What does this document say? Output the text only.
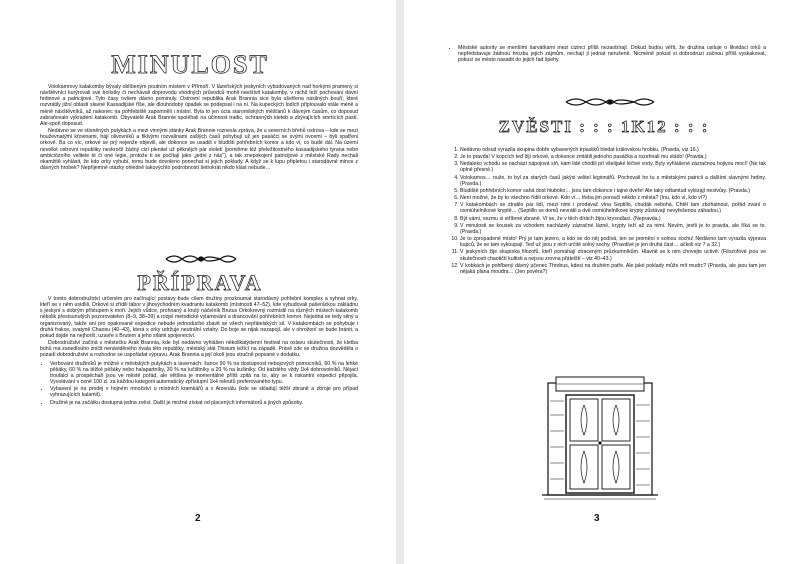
MINULOST

Volokamrovy katakomby bývaly oblíbeným poutním místem v Přímoří. V lázeňských jeskyních vybudovaných nad horkými prameny si návštěvníci kurýrovali své bolístky či nechávali doprovodu vhodných průvodců mohli navštívit katakomby, v nichž leží pochováni dávní hrdinové a patricijové. Tyto časy ovšem dávno pominuly. Ostrovní republika Arak Brannia sice byla ušetřena násilných bouří, které rozvrátily jižní oblasti slavné Kassadijské říše, ale dlouhodobý úpadek se podepsal i na ní. Na kupeckých lodích připlouvalo stále méně a méně návštěvníků, až nakonec na pohřebiště zapomněli i místní. Byla to jen úcta staromilských měšťanů k dávným časům, co doposud zabraňovalo vykradení katakomb. Obyvatelé Arak Brannie spoléhali na účinnost tradic, ochranných kleteb a zbývajících smrtících pastí. Ale-spoň doposud.

Nedávno se ve stísněných putykách a mezi vinnými stánky Arak Brannie roznesla zpráva, že u severních břehů ostrova – kde se mezi houževnatými křovinami, háji olivovníků a fiklvými rozvalinami zašlých časů pohybují už jen pasáčci se svými ovcemi – byli spatřeni orkové. Ba co víc, orkové se prý nejenže objevili, ale dokonce se usadili v bludišti pohřebních komor a kdo ví, co budé dál. Na území nevelké ostrovní republiky nevkročil žádný cizí plenitel už pěknějch pár století (pomiňme též přeležitostného kassadijského tyrana nebo ambiciózního velitele té či oné legie, protože ti se počítají jako „jedni z nás"), a tak znepokojení patricijové z městské Rady nechali okamžitě vyhlásit, že kdo orky vyhubí, tomu bude dovoleno ponechat si jejich poklady. A když se k lupu připletou i starodávné mince z dávných hrobek? Nepříjemné otázky ohledně takovýchto podrobností šetrokrát nikdo klást nebude…

PŘÍPRAVA

V tomto dobrodružství určeném pro začínající postavy bude cílem družiny prozkoumat starodávný pohřební komplex a vyhnat orky, kteří se v něm usídlili. Orkové si zřídili tábor v jihovýchodním kvadrantu katakomb (místnosti 47–52), kde vybudovali pašeráckou základnu s jeskyní s dobrým přístupem k moři. Jejich vůdce, prohnaný a krutý náčelník Brutus Orkokrevný rozmístil na různých místech katakomb několik přestsunutých pozorovatelen (8–9, 38–39) a rozjel metodické vylamování a drancování pohřebních komor. Nejedná se tedy silný a organizovaný, takže ani pro opakované expedice nebude jednoduché zbavit se všech nepřátelských sil. V katakombách se pohybuje i druhá frakce, svatyně Chaosu (40–43), která s orky udržuje neutrální vztahy. Do boje se nijak nezapojí, ale v ohrožení se bude bránit, a pokud dojde na nejhorší, uzavře s Brutem a jeho silami spojenectví.

Dobrodružství začíná v městečku Arak Brannia, kde byl nedávno vyhlášen několikatýdenní festival na oslavu skutečnosti, že kletba bohů má zanedlouho zničit nenáviděného rivala této republiky, městský stát Thisium ležící na západě. Právě zde se družina dozvěděla o pozadí dobrodružství a rozhodne se uspořádat výpravu. Arak Brannia a její okolí jsou stručně popsané v dodatku.

• Verbování družiníků je možné v městských putykách a tavernách: šance 90 % na dostupnost nebojových pomocníků, 60 % na lehké pěšáky, 60 % na těžké pěšáky nebo halapartníky, 30 % na lučištníky a 20 % na kušiníky. Od každého vždy 1k4 dobrovolníků. Nějací troufalci a prospěchaři jsou ve městě pořád, ale většina je momentálně příliš zpitá na to, aby se k riskantní expedici připojila. Vyvolávání v ceně 100 zl. za každou kategorii automaticky zpřístupní 1k4 rekrutů preferovaného typu.
• Vybavení je na prodej v hojném množství u místních kramkářů a v Arzenálu (kde se skladují těžší zbraně a zbroje pro případ vyhrazujících kalamit).
• Družině je na začátku dostupná jedna zvěst. Další je možné získat od placených informátorů a jiných způsoby.
2
• Městské autority se menšími šarvátkami mezi cizinci příliš nezaobírají. Dokud budou věřit, že družina usiluje o likvidaci orků a nepředstavuje žádnou hrozbu jejich zájmům, nechají ji jednat nerušeně. Nicméně pokud si dobrodruzi začnou příliš vyskakovat, pokusí se město nasadit do jejich řad špehy.
ZVĚSTI : : : 1K12 : : :
1. Nedávno odsud vyrazila skupina dobře vybavených trpasliků hledat královskou hrobku. (Pravda, viz 16.)
2. Je to pravda! V kopcích teď žijí orkové, a dokonce zmlátili jednoho pasáčka a rozehnali mu stádo! (Pravda.)
3. Nedaleko vchodu se nachází nápojová síň, kam lidé chodili pít všelijaké léčivé vody. Byly vyhlášené zázračnou hojivou mocí! (Ne tak úplně přesně.)
4. Volokarnos… nuže, to byl za starých časů jakýsi velitel legionářů. Pochovali ho tu s městskými patricii a dalšími slavnými hrdiny. (Pravda.)
5. Bludiště pohřebních komor sahá dost hluboko… jsou tam dokonce i tajné dveře! Ale taky odtamtud vyléza̧jí nestvůry. (Pravda.)
6. Není možné, že by to všechno řídili orkové. Kdo ví… třeba jim porouči někdo z města? (Inu, kdo ví, kdo ví?)
7. V katakombách se ztratilo pár lidí, mezi nimi i prodavač vína Septillo, chudák nebohá. Chtěl tam zbohatnout, pořád zvaní o osmiúhelníkové kryptě… (Septillo se domů nevrátil a dvě osmiúhelníkové krypty zůstávají nevyřešenou záhadou.)
8. Být vámi, vezmu si stříbrné zbraně. Ví se, že v těch dírách žijou krysodlaci. (Nepravda.)
9. V minulosti se kousek za vchodem nacházely zázračné lázně, krypty leží až za nimi. Nevím, jestli je to pravda, ale říká se to. (Pravda.)
10. Je to zpropadené místo! Prý je tam jezero, a kdo se do něj podívá, ten se promění v solnou sochu! Nedávno tam vyrazila výprava kupců, že se tam vykoupají. Teď už jsou z nich určitě solný sochy. (Pravdivé je jen druhá část… ačkoli viz 7 a 32.)
11. V jeskyních žije skupinka filozofů, kteří pomáhají ztraceným průzkumníkům. Hlavně se k nim chovejte uctivě. (Filozofové jsou ve skutečnosti chaotičtí kultisti a nejsou zrovna přátelští – viz 40–43.)
12. V kobkách je pohřbený dávný učenec Throbus, kdesi na druhém patře. Ale jaké poklady může mít mudrc? (Pravda, ale jsou tam jen nějaká plana moudra… (Jen pověra?)
3
